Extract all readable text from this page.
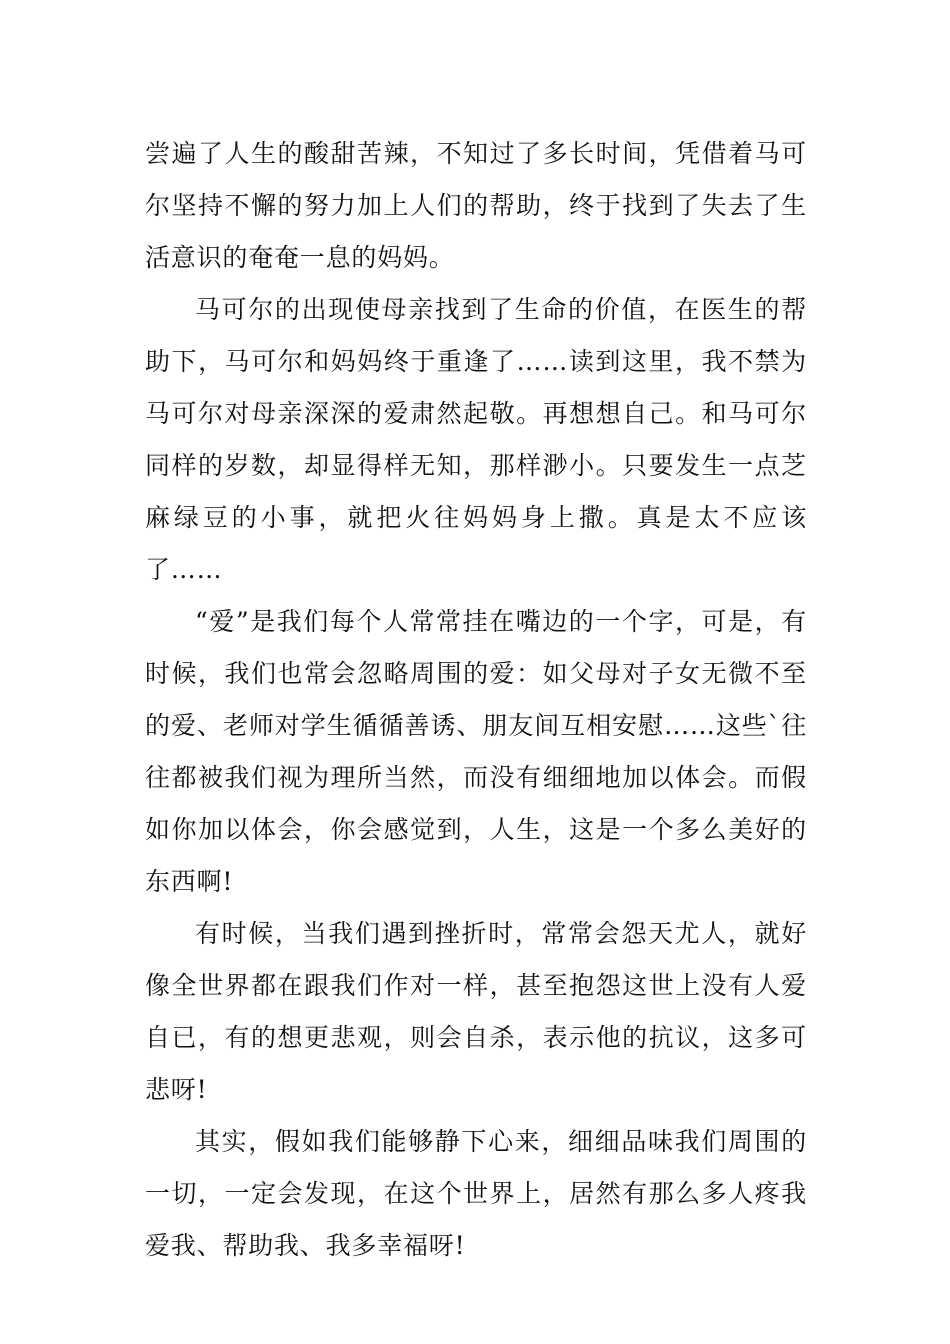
尝遍了人生的酸甜苦辣，不知过了多长时间，凭借着马可尔坚持不懈的努力加上人们的帮助，终于找到了失去了生活意识的奄奄一息的妈妈。

马可尔的出现使母亲找到了生命的价值，在医生的帮助下，马可尔和妈妈终于重逢了……读到这里，我不禁为马可尔对母亲深深的爱肃然起敬。再想想自己。和马可尔同样的岁数，却显得样无知，那样渺小。只要发生一点芝麻绿豆的小事，就把火往妈妈身上撒。真是太不应该了……

“爱”是我们每个人常常挂在嘴边的一个字，可是，有时候，我们也常会忽略周围的爱：如父母对子女无微不至的爱、老师对学生循循善诱、朋友间互相安慰……这些`往往都被我们视为理所当然，而没有细细地加以体会。而假如你加以体会，你会感觉到，人生，这是一个多么美好的东西啊!

有时候，当我们遇到挫折时，常常会怨天尤人，就好像全世界都在跟我们作对一样，甚至抱怨这世上没有人爱自已，有的想更悲观，则会自杀，表示他的抗议，这多可悲呀!

其实，假如我们能够静下心来，细细品味我们周围的一切，一定会发现，在这个世界上，居然有那么多人疼我爱我、帮助我、我多幸福呀!
